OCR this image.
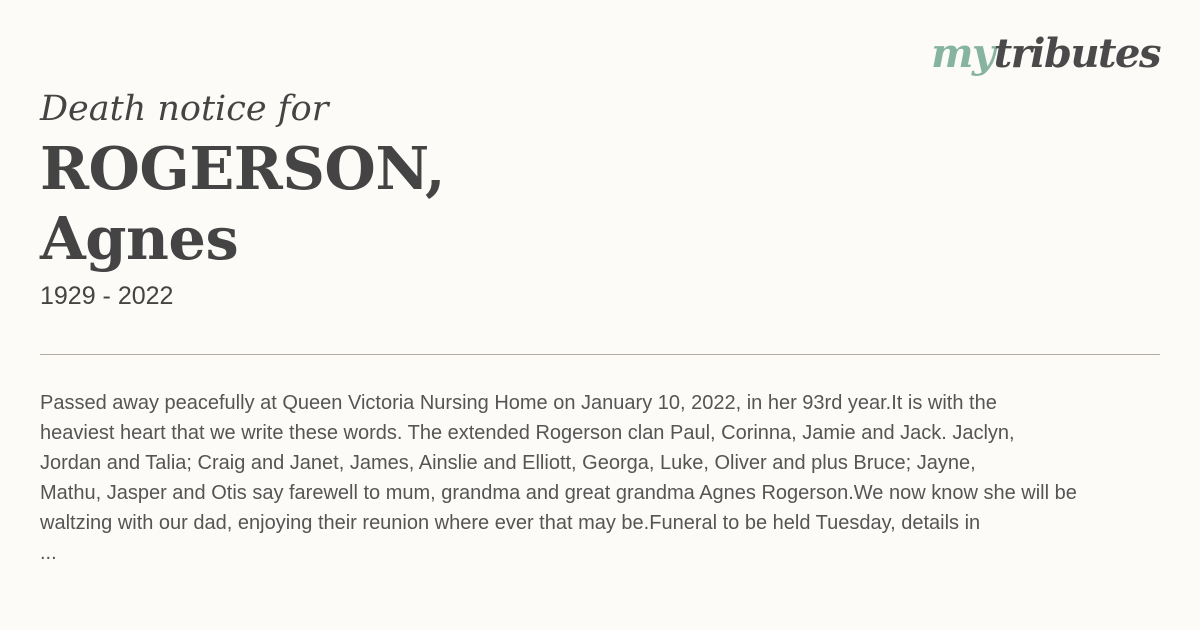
mytributes

Death notice for

ROGERSON,
Agnes
1929 - 2022
Passed away peacefully at Queen Victoria Nursing Home on January 10, 2022, in her 93rd year.It is with the
heaviest heart that we write these words. The extended Rogerson clan Paul, Corinna, Jamie and Jack. Jaclyn,
Jordan and Talia; Craig and Janet, James, Ainslie and Elliott, Georga, Luke, Oliver and plus Bruce; Jayne,
Mathu, Jasper and Otis say farewell to mum, grandma and great grandma Agnes Rogerson.We now know she will be
waltzing with our dad, enjoying their reunion where ever that may be.Funeral to be held Tuesday, details in
...
